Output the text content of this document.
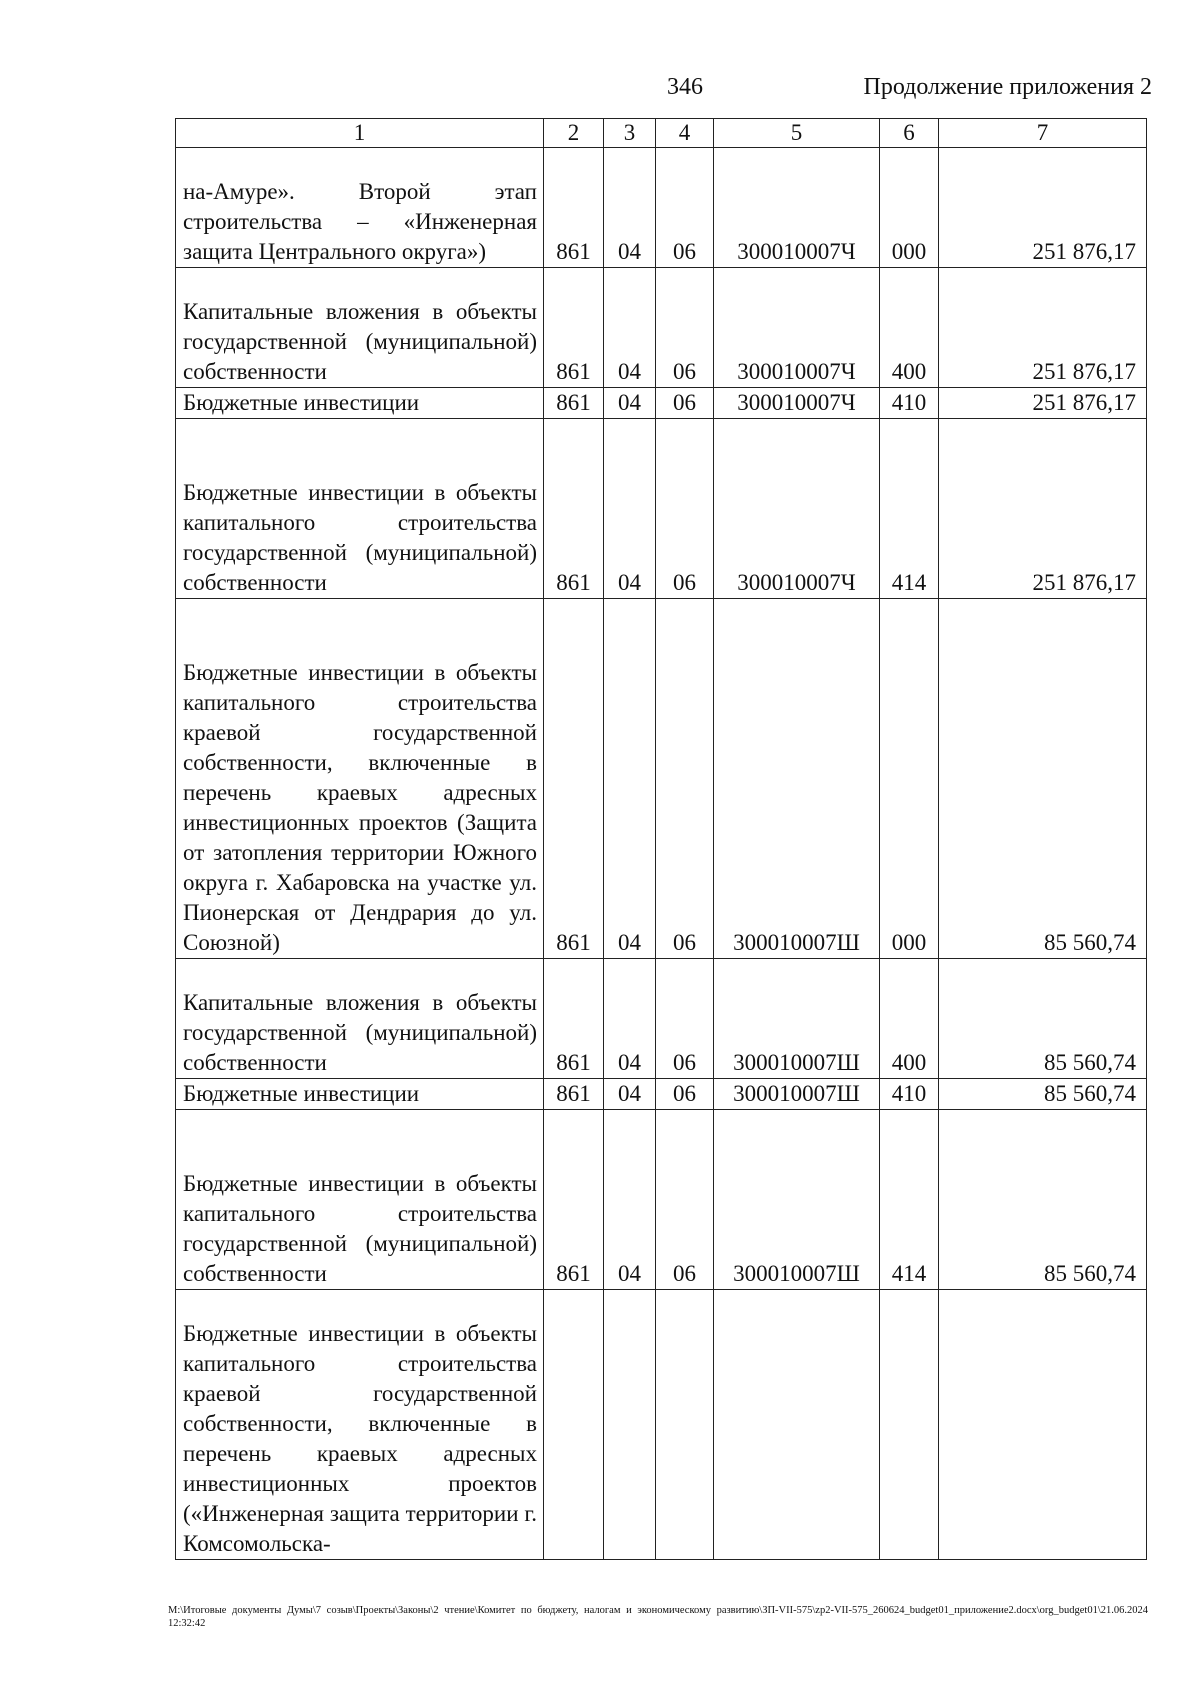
346	Продолжение приложения 2
1	2	3	4	5	6	7
на-Амуре». Второй этап строительства – «Инженерная защита Центрального округа»)	861	04	06	300010007Ч	000	251 876,17
Капитальные вложения в объекты государственной (муниципальной) собственности	861	04	06	300010007Ч	400	251 876,17
Бюджетные инвестиции	861	04	06	300010007Ч	410	251 876,17
Бюджетные инвестиции в объекты капитального строительства государственной (муниципальной) собственности	861	04	06	300010007Ч	414	251 876,17
Бюджетные инвестиции в объекты капитального строительства краевой государственной собственности, включенные в перечень краевых адресных инвестиционных проектов (Защита от затопления территории Южного округа г. Хабаровска на участке ул. Пионерская от Дендрария до ул. Союзной)	861	04	06	300010007Ш	000	85 560,74
Капитальные вложения в объекты государственной (муниципальной) собственности	861	04	06	300010007Ш	400	85 560,74
Бюджетные инвестиции	861	04	06	300010007Ш	410	85 560,74
Бюджетные инвестиции в объекты капитального строительства государственной (муниципальной) собственности	861	04	06	300010007Ш	414	85 560,74
Бюджетные инвестиции в объекты капитального строительства краевой государственной собственности, включенные в перечень краевых адресных инвестиционных проектов («Инженерная защита территории г. Комсомольска-						
M:\Итоговые документы Думы\7 созыв\Проекты\Законы\2 чтение\Комитет по бюджету, налогам и экономическому развитию\ЗП-VII-575\zp2-VII-575_260624_budget01_приложение2.docx\org_budget01\21.06.2024 12:32:42
